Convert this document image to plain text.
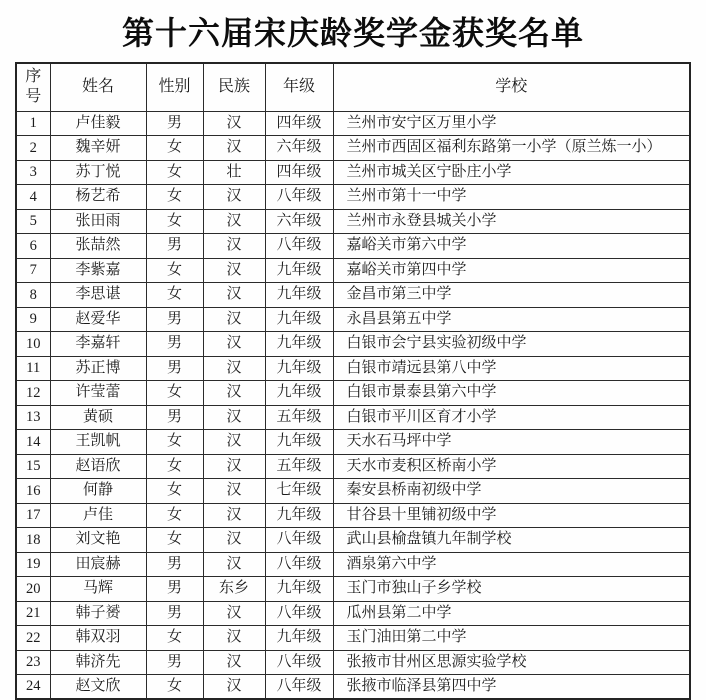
第十六届宋庆龄奖学金获奖名单
序号	姓名	性别	民族	年级	学校
1	卢佳毅	男	汉	四年级	兰州市安宁区万里小学
2	魏辛妍	女	汉	六年级	兰州市西固区福利东路第一小学（原兰炼一小）
3	苏丁悦	女	壮	四年级	兰州市城关区宁卧庄小学
4	杨艺希	女	汉	八年级	兰州市第十一中学
5	张田雨	女	汉	六年级	兰州市永登县城关小学
6	张喆然	男	汉	八年级	嘉峪关市第六中学
7	李紫嘉	女	汉	九年级	嘉峪关市第四中学
8	李思谌	女	汉	九年级	金昌市第三中学
9	赵爱华	男	汉	九年级	永昌县第五中学
10	李嘉轩	男	汉	九年级	白银市会宁县实验初级中学
11	苏正博	男	汉	九年级	白银市靖远县第八中学
12	许莹蕾	女	汉	九年级	白银市景泰县第六中学
13	黄硕	男	汉	五年级	白银市平川区育才小学
14	王凯帆	女	汉	九年级	天水石马坪中学
15	赵语欣	女	汉	五年级	天水市麦积区桥南小学
16	何静	女	汉	七年级	秦安县桥南初级中学
17	卢佳	女	汉	九年级	甘谷县十里铺初级中学
18	刘文艳	女	汉	八年级	武山县榆盘镇九年制学校
19	田宸赫	男	汉	八年级	酒泉第六中学
20	马辉	男	东乡	九年级	玉门市独山子乡学校
21	韩子赟	男	汉	八年级	瓜州县第二中学
22	韩双羽	女	汉	九年级	玉门油田第二中学
23	韩济先	男	汉	八年级	张掖市甘州区思源实验学校
24	赵文欣	女	汉	八年级	张掖市临泽县第四中学
